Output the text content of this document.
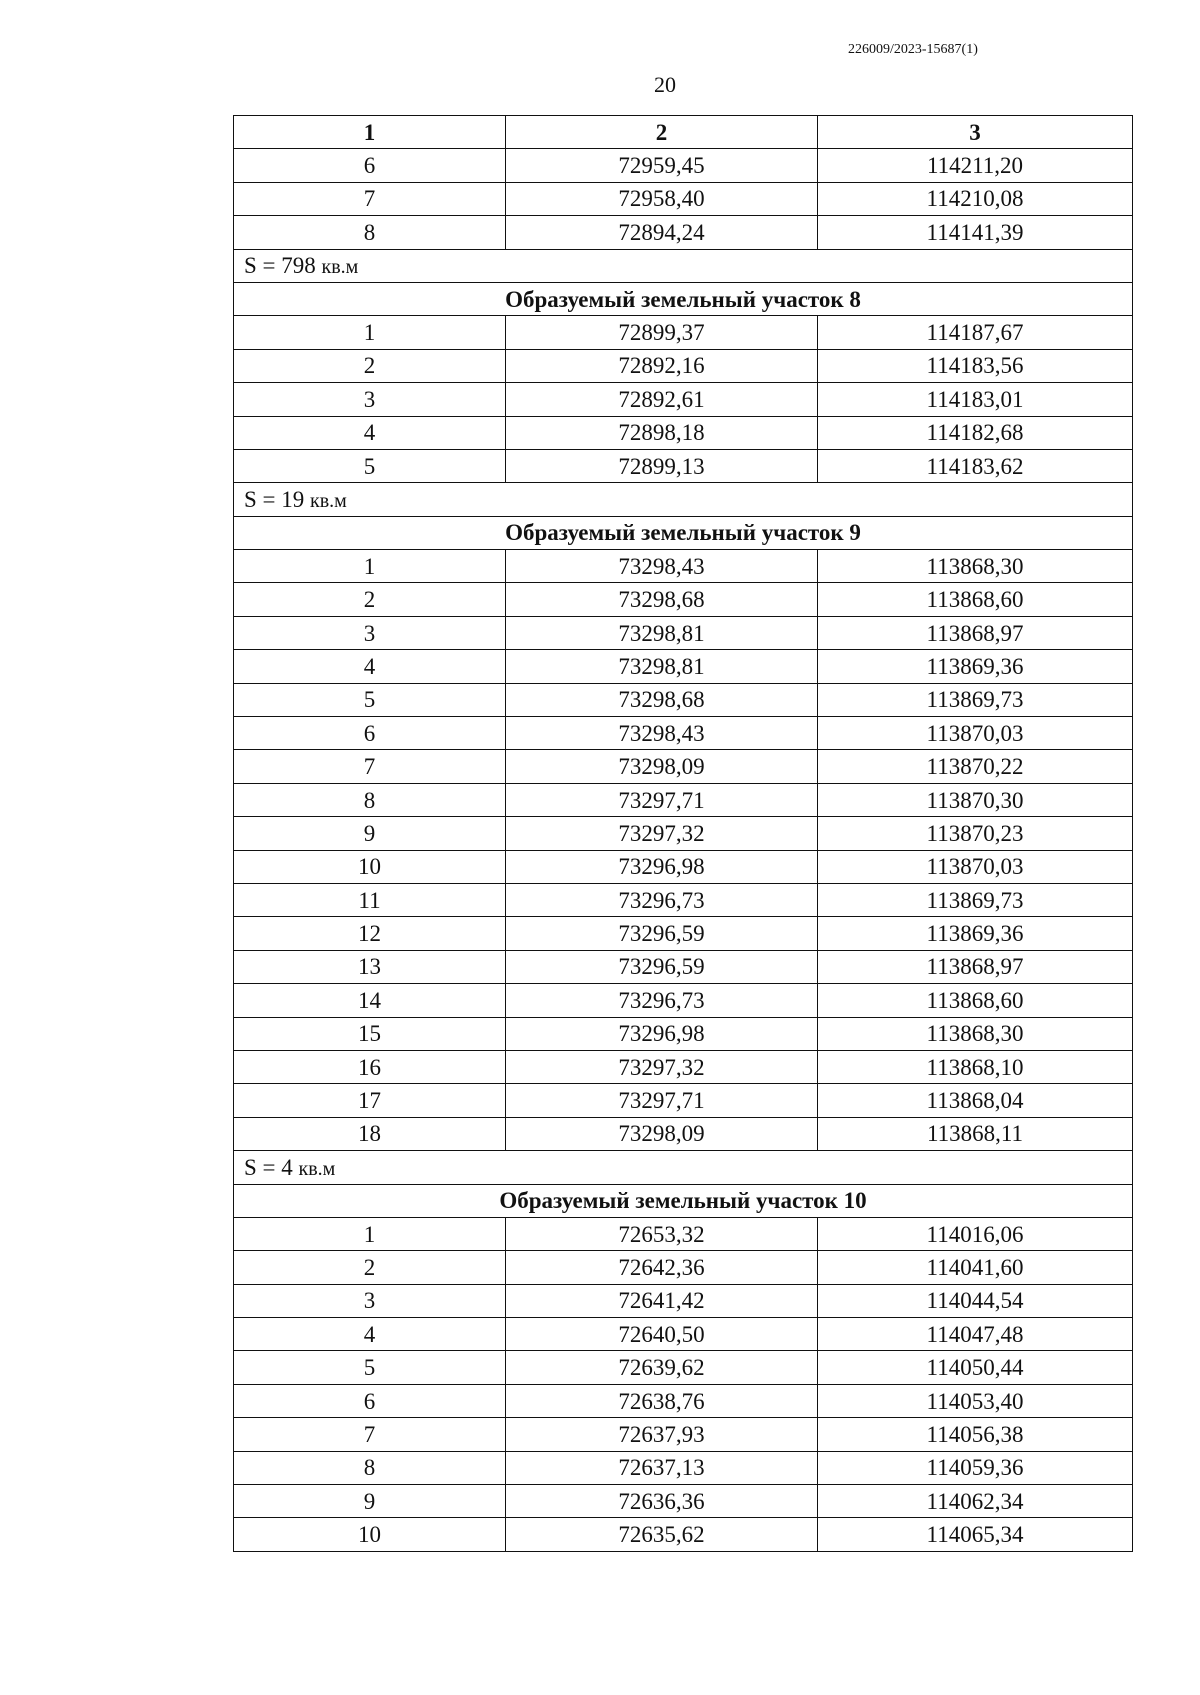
226009/2023-15687(1)
20
1	2	3
6	72959,45	114211,20
7	72958,40	114210,08
8	72894,24	114141,39
S = 798 кв.м		
Образуемый земельный участок 8		
1	72899,37	114187,67
2	72892,16	114183,56
3	72892,61	114183,01
4	72898,18	114182,68
5	72899,13	114183,62
S = 19 кв.м		
Образуемый земельный участок 9		
1	73298,43	113868,30
2	73298,68	113868,60
3	73298,81	113868,97
4	73298,81	113869,36
5	73298,68	113869,73
6	73298,43	113870,03
7	73298,09	113870,22
8	73297,71	113870,30
9	73297,32	113870,23
10	73296,98	113870,03
11	73296,73	113869,73
12	73296,59	113869,36
13	73296,59	113868,97
14	73296,73	113868,60
15	73296,98	113868,30
16	73297,32	113868,10
17	73297,71	113868,04
18	73298,09	113868,11
S = 4 кв.м		
Образуемый земельный участок 10		
1	72653,32	114016,06
2	72642,36	114041,60
3	72641,42	114044,54
4	72640,50	114047,48
5	72639,62	114050,44
6	72638,76	114053,40
7	72637,93	114056,38
8	72637,13	114059,36
9	72636,36	114062,34
10	72635,62	114065,34
